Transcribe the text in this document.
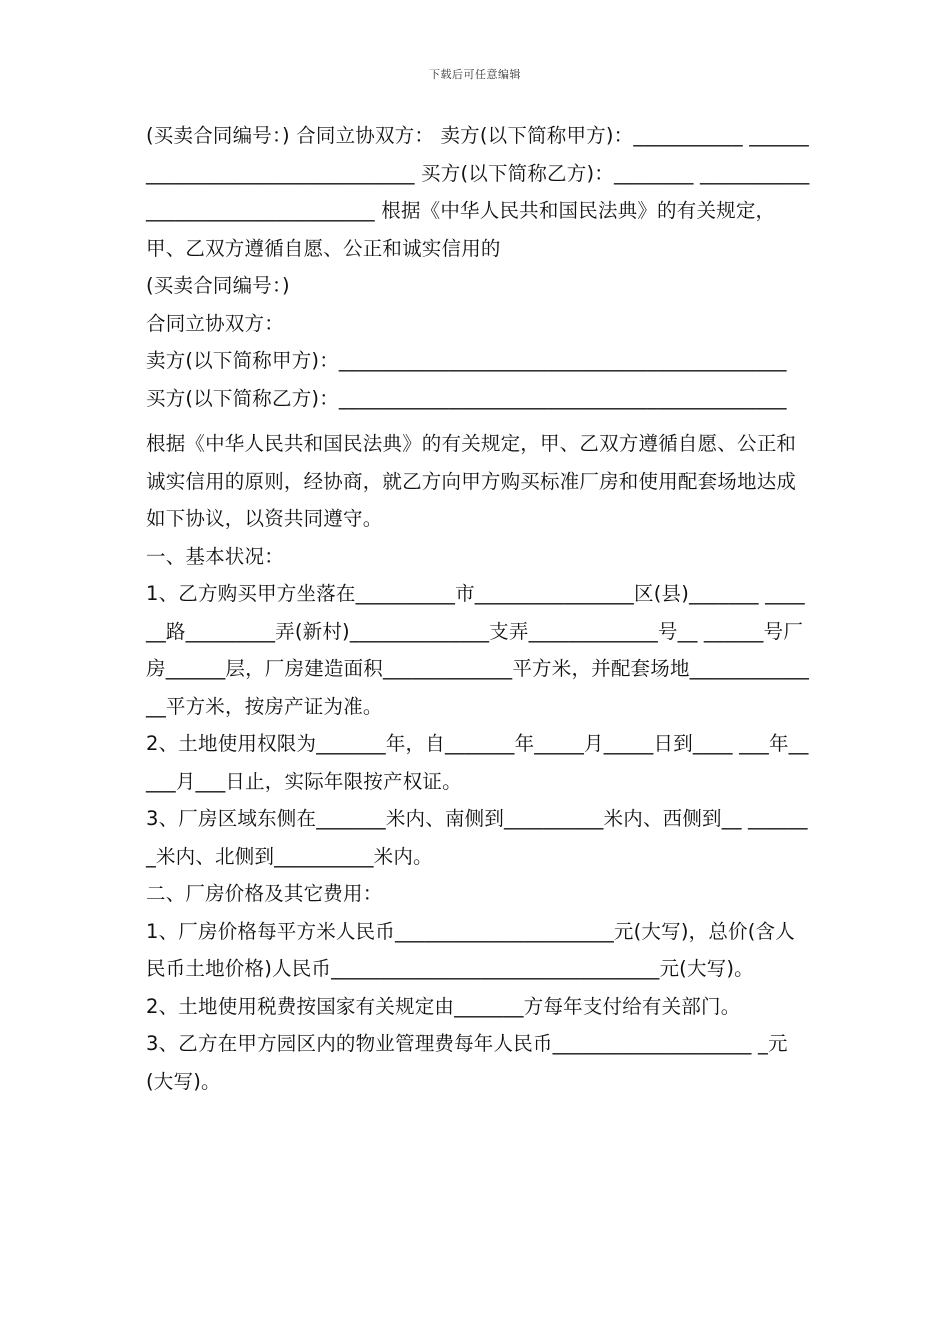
下载后可任意编辑

(买卖合同编号：) 合同立协双方： 卖方(以下简称甲方)：___________ _________________________________ 买方(以下简称乙方)：________ __________________________________ 根据《中华人民共和国民法典》的有关规定，甲、乙双方遵循自愿、公正和诚实信用的

(买卖合同编号：)

合同立协双方：

卖方(以下简称甲方)：_____________________________________________

买方(以下简称乙方)：_____________________________________________

根据《中华人民共和国民法典》的有关规定，甲、乙双方遵循自愿、公正和诚实信用的原则，经协商，就乙方向甲方购买标准厂房和使用配套场地达成如下协议，以资共同遵守。

一、基本状况：

1、乙方购买甲方坐落在__________市________________区(县)_______ ______路_________弄(新村)______________支弄_____________号__ ______号厂房______层，厂房建造面积_____________平方米，并配套场地______________平方米，按房产证为准。

2、土地使用权限为_______年，自_______年_____月_____日到____ ___年_____月___日止，实际年限按产权证。

3、厂房区域东侧在_______米内、南侧到__________米内、西侧到__ _______米内、北侧到__________米内。

二、厂房价格及其它费用：

1、厂房价格每平方米人民币______________________元(大写)，总价(含人民币土地价格)人民币_________________________________元(大写)。

2、土地使用税费按国家有关规定由_______方每年支付给有关部门。

3、乙方在甲方园区内的物业管理费每年人民币____________________ _元(大写)。
